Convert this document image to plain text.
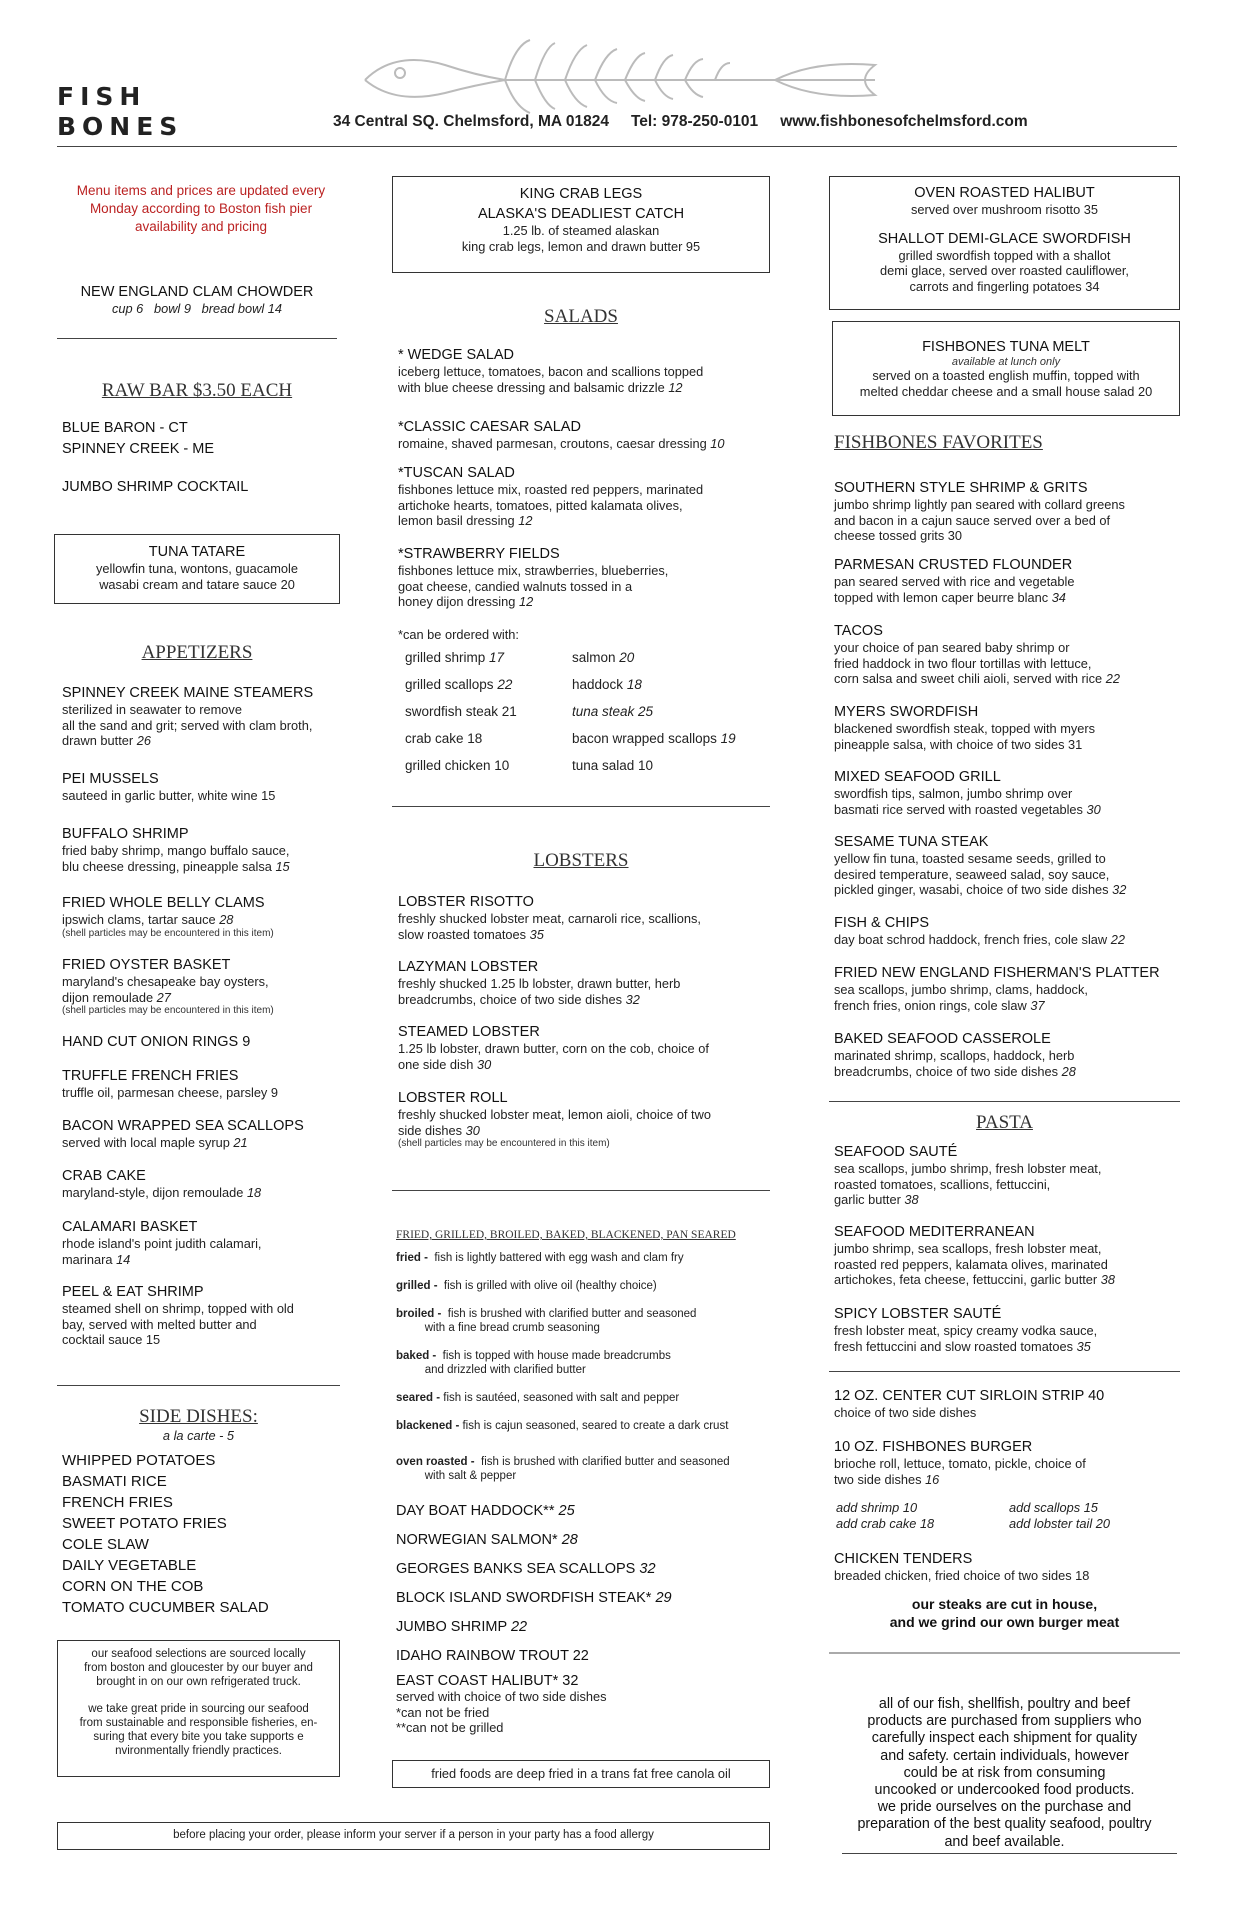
FISH
BONES	34 Central SQ. Chelmsford, MA 01824 Tel: 978-250-0101 www.fishbonesofchelmsford.com
Menu items and prices are updated every Monday according to Boston fish pier availability and pricing
NEW ENGLAND CLAM CHOWDER
cup 6   bowl 9   bread bowl 14
RAW BAR $3.50 EACH
BLUE BARON - CT
SPINNEY CREEK - ME
JUMBO SHRIMP COCKTAIL
TUNA TATARE
yellowfin tuna, wontons, guacamole
wasabi cream and tatare sauce 20
APPETIZERS
SPINNEY CREEK MAINE STEAMERS
sterilized in seawater to remove
all the sand and grit; served with clam broth,
drawn butter 26
PEI MUSSELS
sauteed in garlic butter, white wine 15
BUFFALO SHRIMP
fried baby shrimp, mango buffalo sauce,
blu cheese dressing, pineapple salsa 15
FRIED WHOLE BELLY CLAMS
ipswich clams, tartar sauce 28
(shell particles may be encountered in this item)
FRIED OYSTER BASKET
maryland's chesapeake bay oysters,
dijon remoulade 27
(shell particles may be encountered in this item)
HAND CUT ONION RINGS 9
TRUFFLE FRENCH FRIES
truffle oil, parmesan cheese, parsley 9
BACON WRAPPED SEA SCALLOPS
served with local maple syrup 21
CRAB CAKE
maryland-style, dijon remoulade 18
CALAMARI BASKET
rhode island's point judith calamari,
marinara 14
PEEL & EAT SHRIMP
steamed shell on shrimp, topped with old
bay, served with melted butter and
cocktail sauce 15
SIDE DISHES:
a la carte - 5
WHIPPED POTATOES
BASMATI RICE
FRENCH FRIES
SWEET POTATO FRIES
COLE SLAW
DAILY VEGETABLE
CORN ON THE COB
TOMATO CUCUMBER SALAD
our seafood selections are sourced locally
from boston and gloucester by our buyer and
brought in on our own refrigerated truck.
we take great pride in sourcing our seafood
from sustainable and responsible fisheries, en-
suring that every bite you take supports e
nvironmentally friendly practices.
before placing your order, please inform your server if a person in your party has a food allergy
KING CRAB LEGS
ALASKA'S DEADLIEST CATCH
1.25 lb. of steamed alaskan
king crab legs, lemon and drawn butter 95
SALADS
* WEDGE SALAD
iceberg lettuce, tomatoes, bacon and scallions topped
with blue cheese dressing and balsamic drizzle 12
*CLASSIC CAESAR SALAD
romaine, shaved parmesan, croutons, caesar dressing 10
*TUSCAN SALAD
fishbones lettuce mix, roasted red peppers, marinated
artichoke hearts, tomatoes, pitted kalamata olives,
lemon basil dressing 12
*STRAWBERRY FIELDS
fishbones lettuce mix, strawberries, blueberries,
goat cheese, candied walnuts tossed in a
honey dijon dressing 12
*can be ordered with:
grilled shrimp 17	salmon 20
grilled scallops 22	haddock 18
swordfish steak 21	tuna steak 25
crab cake 18	bacon wrapped scallops 19
grilled chicken 10	tuna salad 10
LOBSTERS
LOBSTER RISOTTO
freshly shucked lobster meat, carnaroli rice, scallions,
slow roasted tomatoes 35
LAZYMAN LOBSTER
freshly shucked 1.25 lb lobster, drawn butter, herb
breadcrumbs, choice of two side dishes 32
STEAMED LOBSTER
1.25 lb lobster, drawn butter, corn on the cob, choice of
one side dish 30
LOBSTER ROLL
freshly shucked lobster meat, lemon aioli, choice of two
side dishes 30
(shell particles may be encountered in this item)
FRIED, GRILLED, BROILED, BAKED, BLACKENED, PAN SEARED
fried -  fish is lightly battered with egg wash and clam fry
grilled -  fish is grilled with olive oil (healthy choice)
broiled -  fish is brushed with clarified butter and seasoned
with a fine bread crumb seasoning
baked -  fish is topped with house made breadcrumbs
and drizzled with clarified butter
seared - fish is sautéed, seasoned with salt and pepper
blackened - fish is cajun seasoned, seared to create a dark crust
oven roasted -  fish is brushed with clarified butter and seasoned
with salt & pepper
DAY BOAT HADDOCK** 25
NORWEGIAN SALMON* 28
GEORGES BANKS SEA SCALLOPS 32
BLOCK ISLAND SWORDFISH STEAK* 29
JUMBO SHRIMP 22
IDAHO RAINBOW TROUT 22
EAST COAST HALIBUT* 32
served with choice of two side dishes
*can not be fried
**can not be grilled
fried foods are deep fried in a trans fat free canola oil
OVEN ROASTED HALIBUT
served over mushroom risotto 35
SHALLOT DEMI-GLACE SWORDFISH
grilled swordfish topped with a shallot
demi glace, served over roasted cauliflower,
carrots and fingerling potatoes 34
FISHBONES TUNA MELT
available at lunch only
served on a toasted english muffin, topped with
melted cheddar cheese and a small house salad 20
FISHBONES FAVORITES
SOUTHERN STYLE SHRIMP & GRITS
jumbo shrimp lightly pan seared with collard greens
and bacon in a cajun sauce served over a bed of
cheese tossed grits 30
PARMESAN CRUSTED FLOUNDER
pan seared served with rice and vegetable
topped with lemon caper beurre blanc 34
TACOS
your choice of pan seared baby shrimp or
fried haddock in two flour tortillas with lettuce,
corn salsa and sweet chili aioli, served with rice 22
MYERS SWORDFISH
blackened swordfish steak, topped with myers
pineapple salsa, with choice of two sides 31
MIXED SEAFOOD GRILL
swordfish tips, salmon, jumbo shrimp over
basmati rice served with roasted vegetables 30
SESAME TUNA STEAK
yellow fin tuna, toasted sesame seeds, grilled to
desired temperature, seaweed salad, soy sauce,
pickled ginger, wasabi, choice of two side dishes 32
FISH & CHIPS
day boat schrod haddock, french fries, cole slaw 22
FRIED NEW ENGLAND FISHERMAN'S PLATTER
sea scallops, jumbo shrimp, clams, haddock,
french fries, onion rings, cole slaw 37
BAKED SEAFOOD CASSEROLE
marinated shrimp, scallops, haddock, herb
breadcrumbs, choice of two side dishes 28
PASTA
SEAFOOD SAUTÉ
sea scallops, jumbo shrimp, fresh lobster meat,
roasted tomatoes, scallions, fettuccini,
garlic butter 38
SEAFOOD MEDITERRANEAN
jumbo shrimp, sea scallops, fresh lobster meat,
roasted red peppers, kalamata olives, marinated
artichokes, feta cheese, fettuccini, garlic butter 38
SPICY LOBSTER SAUTÉ
fresh lobster meat, spicy creamy vodka sauce,
fresh fettuccini and slow roasted tomatoes 35
12 OZ. CENTER CUT SIRLOIN STRIP 40
choice of two side dishes
10 OZ. FISHBONES BURGER
brioche roll, lettuce, tomato, pickle, choice of
two side dishes 16
add shrimp 10	add scallops 15
add crab cake 18	add lobster tail 20
CHICKEN TENDERS
breaded chicken, fried choice of two sides 18
our steaks are cut in house,
and we grind our own burger meat
all of our fish, shellfish, poultry and beef
products are purchased from suppliers who
carefully inspect each shipment for quality
and safety. certain individuals, however
could be at risk from consuming
uncooked or undercooked food products.
we pride ourselves on the purchase and
preparation of the best quality seafood, poultry
and beef available.
